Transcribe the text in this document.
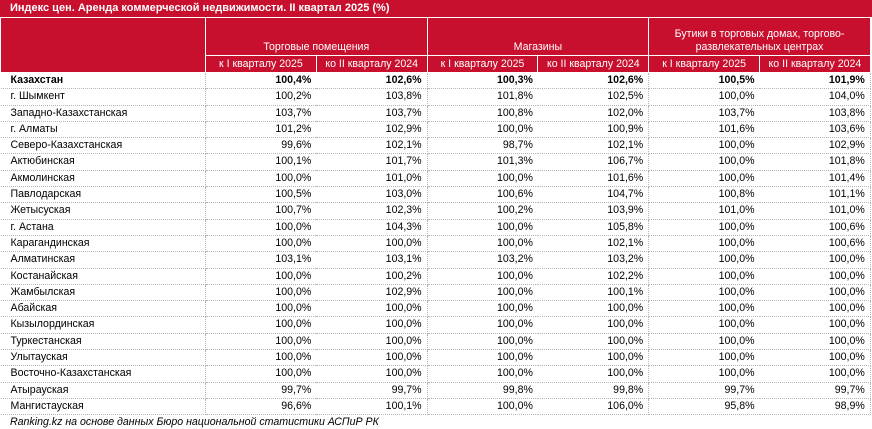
Индекс цен. Аренда коммерческой недвижимости. II квартал 2025 (%)
	Торговые помещения		Магазины		Бутики в торговых домах, торгово-развлекательных центрах	
	к I кварталу 2025	ко II кварталу 2024	к I кварталу 2025	ко II кварталу 2024	к I кварталу 2025	ко II кварталу 2024
Казахстан	100,4%	102,6%	100,3%	102,6%	100,5%	101,9%
г. Шымкент	100,2%	103,8%	101,8%	102,5%	100,0%	104,0%
Западно-Казахстанская	103,7%	103,7%	100,8%	102,0%	103,7%	103,8%
г. Алматы	101,2%	102,9%	100,0%	100,9%	101,6%	103,6%
Северо-Казахстанская	99,6%	102,1%	98,7%	102,1%	100,0%	102,9%
Актюбинская	100,1%	101,7%	101,3%	106,7%	100,0%	101,8%
Акмолинская	100,0%	101,0%	100,0%	101,6%	100,0%	101,4%
Павлодарская	100,5%	103,0%	100,6%	104,7%	100,8%	101,1%
Жетысуская	100,7%	102,3%	100,2%	103,9%	101,0%	101,0%
г. Астана	100,0%	104,3%	100,0%	105,8%	100,0%	100,6%
Карагандинская	100,0%	100,0%	100,0%	102,1%	100,0%	100,6%
Алматинская	103,1%	103,1%	103,2%	103,2%	100,0%	100,0%
Костанайская	100,0%	100,2%	100,0%	102,2%	100,0%	100,0%
Жамбылская	100,0%	102,9%	100,0%	100,1%	100,0%	100,0%
Абайская	100,0%	100,0%	100,0%	100,0%	100,0%	100,0%
Кызылординская	100,0%	100,0%	100,0%	100,0%	100,0%	100,0%
Туркестанская	100,0%	100,0%	100,0%	100,0%	100,0%	100,0%
Улытауская	100,0%	100,0%	100,0%	100,0%	100,0%	100,0%
Восточно-Казахстанская	100,0%	100,0%	100,0%	100,0%	100,0%	100,0%
Атырауская	99,7%	99,7%	99,8%	99,8%	99,7%	99,7%
Мангистауская	96,6%	100,1%	100,0%	106,0%	95,8%	98,9%
Ranking.kz на основе данных Бюро национальной статистики АСПиР РК
